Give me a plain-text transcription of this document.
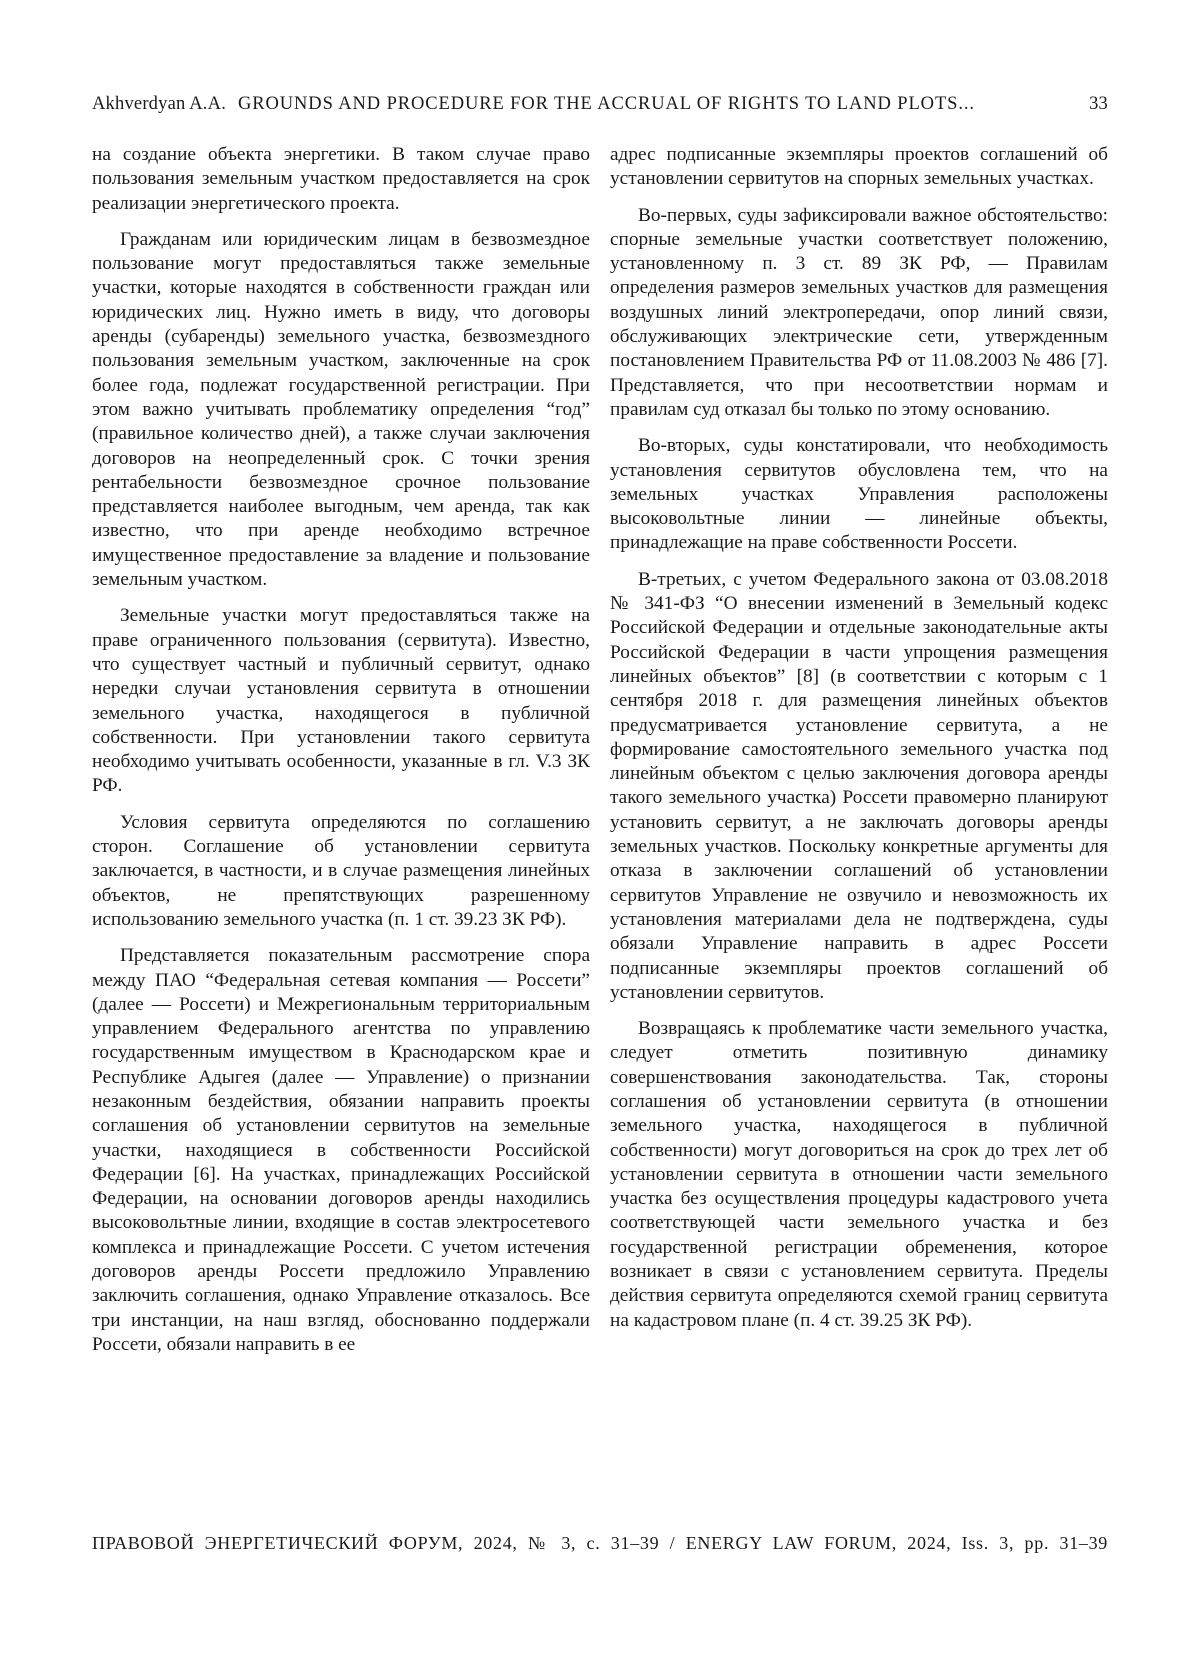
Akhverdyan A.A. GROUNDS AND PROCEDURE FOR THE ACCRUAL OF RIGHTS TO LAND PLOTS...	33

на создание объекта энергетики. В таком случае право пользования земельным участком предоставляется на срок реализации энергетического проекта.

Гражданам или юридическим лицам в безвозмездное пользование могут предоставляться также земельные участки, которые находятся в собственности граждан или юридических лиц. Нужно иметь в виду, что договоры аренды (субаренды) земельного участка, безвозмездного пользования земельным участком, заключенные на срок более года, подлежат государственной регистрации. При этом важно учитывать проблематику определения “год” (правильное количество дней), а также случаи заключения договоров на неопределенный срок. С точки зрения рентабельности безвозмездное срочное пользование представляется наиболее выгодным, чем аренда, так как известно, что при аренде необходимо встречное имущественное предоставление за владение и пользование земельным участком.

Земельные участки могут предоставляться также на праве ограниченного пользования (сервитута). Известно, что существует частный и публичный сервитут, однако нередки случаи установления сервитута в отношении земельного участка, находящегося в публичной собственности. При установлении такого сервитута необходимо учитывать особенности, указанные в гл. V.3 ЗК РФ.

Условия сервитута определяются по соглашению сторон. Соглашение об установлении сервитута заключается, в частности, и в случае размещения линейных объектов, не препятствующих разрешенному использованию земельного участка (п. 1 ст. 39.23 ЗК РФ).

Представляется показательным рассмотрение спора между ПАО “Федеральная сетевая компания — Россети” (далее — Россети) и Межрегиональным территориальным управлением Федерального агентства по управлению государственным имуществом в Краснодарском крае и Республике Адыгея (далее — Управление) о признании незаконным бездействия, обязании направить проекты соглашения об установлении сервитутов на земельные участки, находящиеся в собственности Российской Федерации [6]. На участках, принадлежащих Российской Федерации, на основании договоров аренды находились высоковольтные линии, входящие в состав электросетевого комплекса и принадлежащие Россети. С учетом истечения договоров аренды Россети предложило Управлению заключить соглашения, однако Управление отказалось. Все три инстанции, на наш взгляд, обоснованно поддержали Россети, обязали направить в ее

адрес подписанные экземпляры проектов соглашений об установлении сервитутов на спорных земельных участках.

Во-первых, суды зафиксировали важное обстоятельство: спорные земельные участки соответствует положению, установленному п. 3 ст. 89 ЗК РФ, — Правилам определения размеров земельных участков для размещения воздушных линий электропередачи, опор линий связи, обслуживающих электрические сети, утвержденным постановлением Правительства РФ от 11.08.2003 № 486 [7]. Представляется, что при несоответствии нормам и правилам суд отказал бы только по этому основанию.

Во-вторых, суды констатировали, что необходимость установления сервитутов обусловлена тем, что на земельных участках Управления расположены высоковольтные линии — линейные объекты, принадлежащие на праве собственности Россети.

В-третьих, с учетом Федерального закона от 03.08.2018 № 341-ФЗ “О внесении изменений в Земельный кодекс Российской Федерации и отдельные законодательные акты Российской Федерации в части упрощения размещения линейных объектов” [8] (в соответствии с которым с 1 сентября 2018 г. для размещения линейных объектов предусматривается установление сервитута, а не формирование самостоятельного земельного участка под линейным объектом с целью заключения договора аренды такого земельного участка) Россети правомерно планируют установить сервитут, а не заключать договоры аренды земельных участков. Поскольку конкретные аргументы для отказа в заключении соглашений об установлении сервитутов Управление не озвучило и невозможность их установления материалами дела не подтверждена, суды обязали Управление направить в адрес Россети подписанные экземпляры проектов соглашений об установлении сервитутов.

Возвращаясь к проблематике части земельного участка, следует отметить позитивную динамику совершенствования законодательства. Так, стороны соглашения об установлении сервитута (в отношении земельного участка, находящегося в публичной собственности) могут договориться на срок до трех лет об установлении сервитута в отношении части земельного участка без осуществления процедуры кадастрового учета соответствующей части земельного участка и без государственной регистрации обременения, которое возникает в связи с установлением сервитута. Пределы действия сервитута определяются схемой границ сервитута на кадастровом плане (п. 4 ст. 39.25 ЗК РФ).

ПРАВОВОЙ ЭНЕРГЕТИЧЕСКИЙ ФОРУМ, 2024, № 3, с. 31–39 / ENERGY LAW FORUM, 2024, Iss. 3, pp. 31–39
